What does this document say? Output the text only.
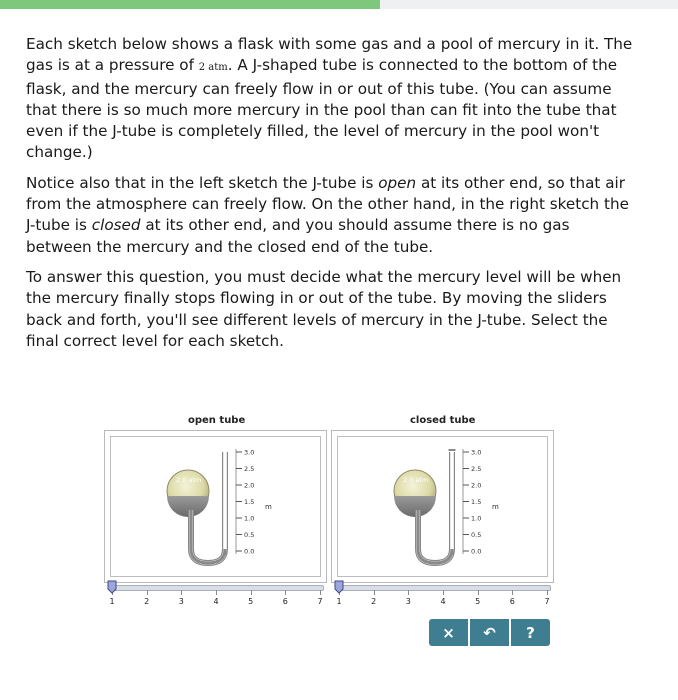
Each sketch below shows a flask with some gas and a pool of mercury in it. The gas is at a pressure of 2 atm. A J-shaped tube is connected to the bottom of the flask, and the mercury can freely flow in or out of this tube. (You can assume that there is so much more mercury in the pool than can fit into the tube that even if the J-tube is completely filled, the level of mercury in the pool won't change.)

Notice also that in the left sketch the J-tube is open at its other end, so that air from the atmosphere can freely flow. On the other hand, in the right sketch the J-tube is closed at its other end, and you should assume there is no gas between the mercury and the closed end of the tube.

To answer this question, you must decide what the mercury level will be when the mercury finally stops flowing in or out of the tube. By moving the sliders back and forth, you'll see different levels of mercury in the J-tube. Select the final correct level for each sketch.

open tube
3.0
2.5
2.0
1.5
1.0
0.5
0.0
2.0 atm
m
1	2	3	4	5	6	7
closed tube
3.0
2.5
2.0
1.5
1.0
0.5
0.0
2.0 atm
m
1	2	3	4	5	6	7
× ↶ ?
